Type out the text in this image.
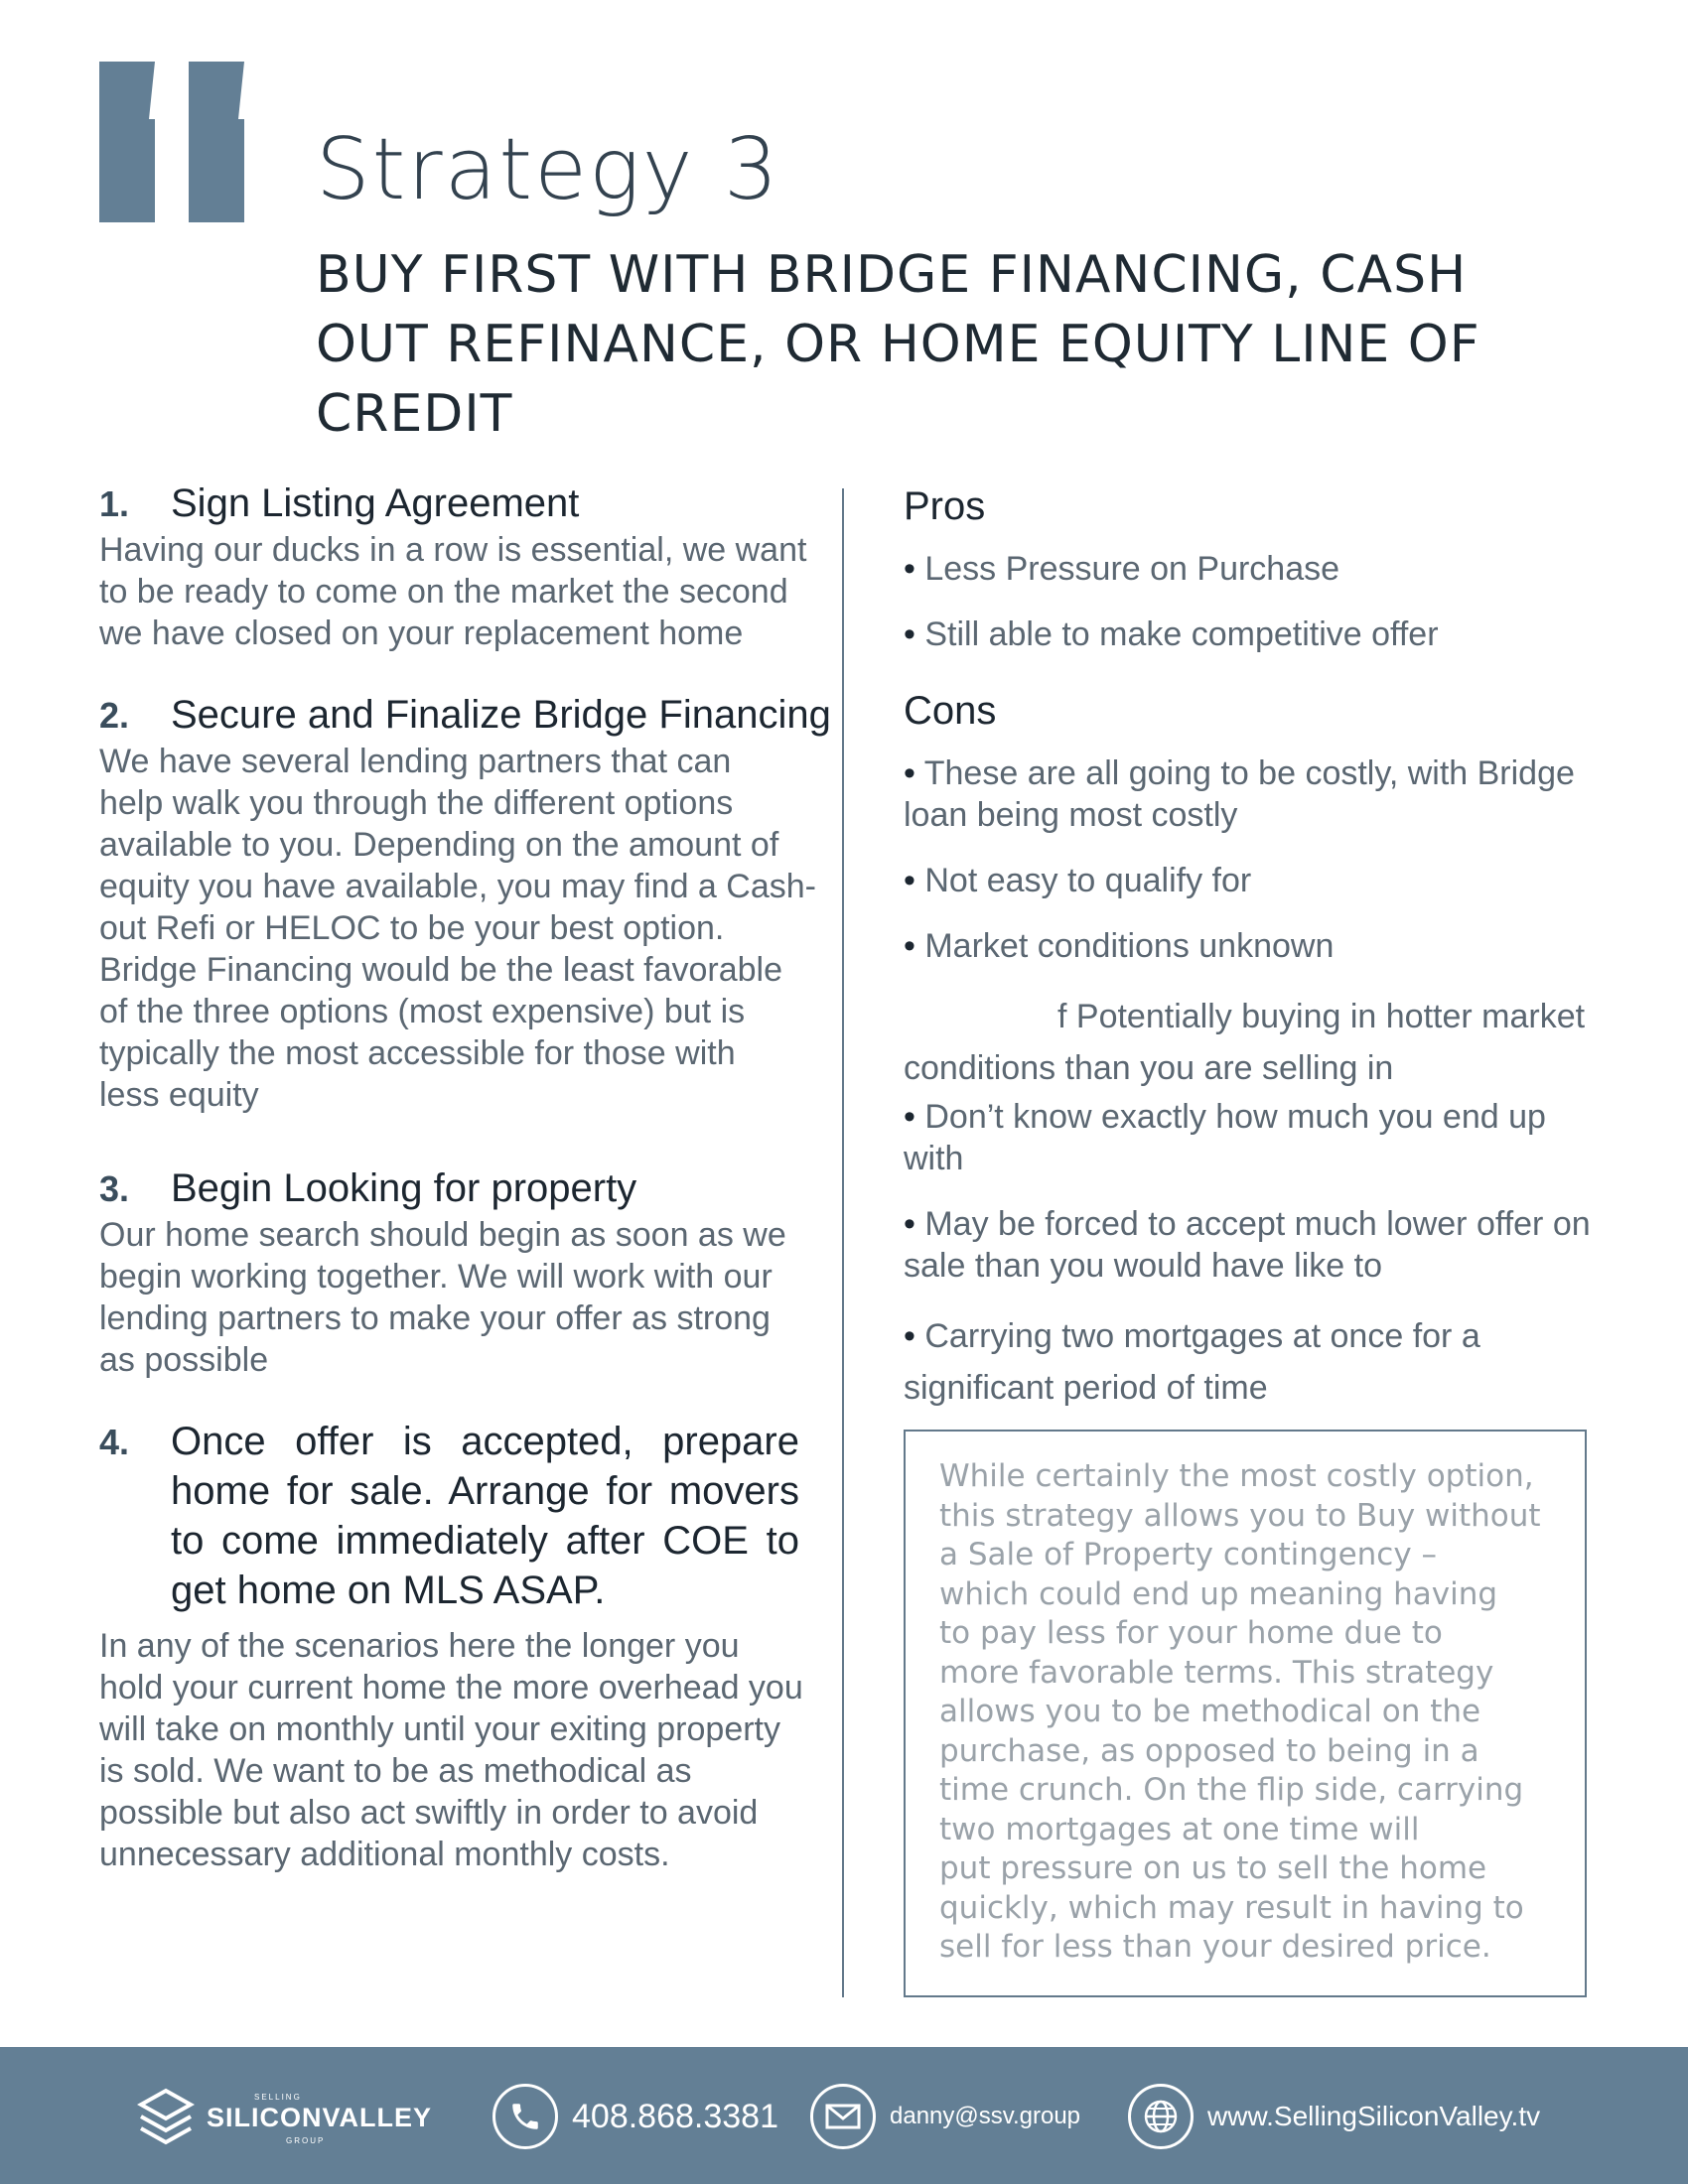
Strategy 3
BUY FIRST WITH BRIDGE FINANCING, CASH
OUT REFINANCE, OR HOME EQUITY LINE OF
CREDIT
1.	Sign Listing Agreement
Having our ducks in a row is essential, we want
to be ready to come on the market the second
we have closed on your replacement home
2.	Secure and Finalize Bridge Financing
We have several lending partners that can
help walk you through the different options
available to you. Depending on the amount of
equity you have available, you may find a Cash-
out Refi or HELOC to be your best option.
Bridge Financing would be the least favorable
of the three options (most expensive) but is
typically the most accessible for those with
less equity
3.	Begin Looking for property
Our home search should begin as soon as we
begin working together. We will work with our
lending partners to make your offer as strong
as possible
4.	Once offer is accepted, prepare
home for sale. Arrange for movers
to come immediately after COE to
get home on MLS ASAP.
In any of the scenarios here the longer you
hold your current home the more overhead you
will take on monthly until your exiting property
is sold. We want to be as methodical as
possible but also act swiftly in order to avoid
unnecessary additional monthly costs.
Pros
• Less Pressure on Purchase
• Still able to make competitive offer
Cons
• These are all going to be costly, with Bridge
loan being most costly
• Not easy to qualify for
• Market conditions unknown
f Potentially buying in hotter market
conditions than you are selling in
• Don’t know exactly how much you end up with
• May be forced to accept much lower offer on
sale than you would have like to
• Carrying two mortgages at once for a
significant period of time
While certainly the most costly option,
this strategy allows you to Buy without
a Sale of Property contingency –
which could end up meaning having
to pay less for your home due to
more favorable terms. This strategy
allows you to be methodical on the
purchase, as opposed to being in a
time crunch. On the flip side, carrying
two mortgages at one time will
put pressure on us to sell the home
quickly, which may result in having to
sell for less than your desired price.
SELLING
SILICONVALLEY
GROUP
408.868.3381	danny@ssv.group	www.SellingSiliconValley.tv
